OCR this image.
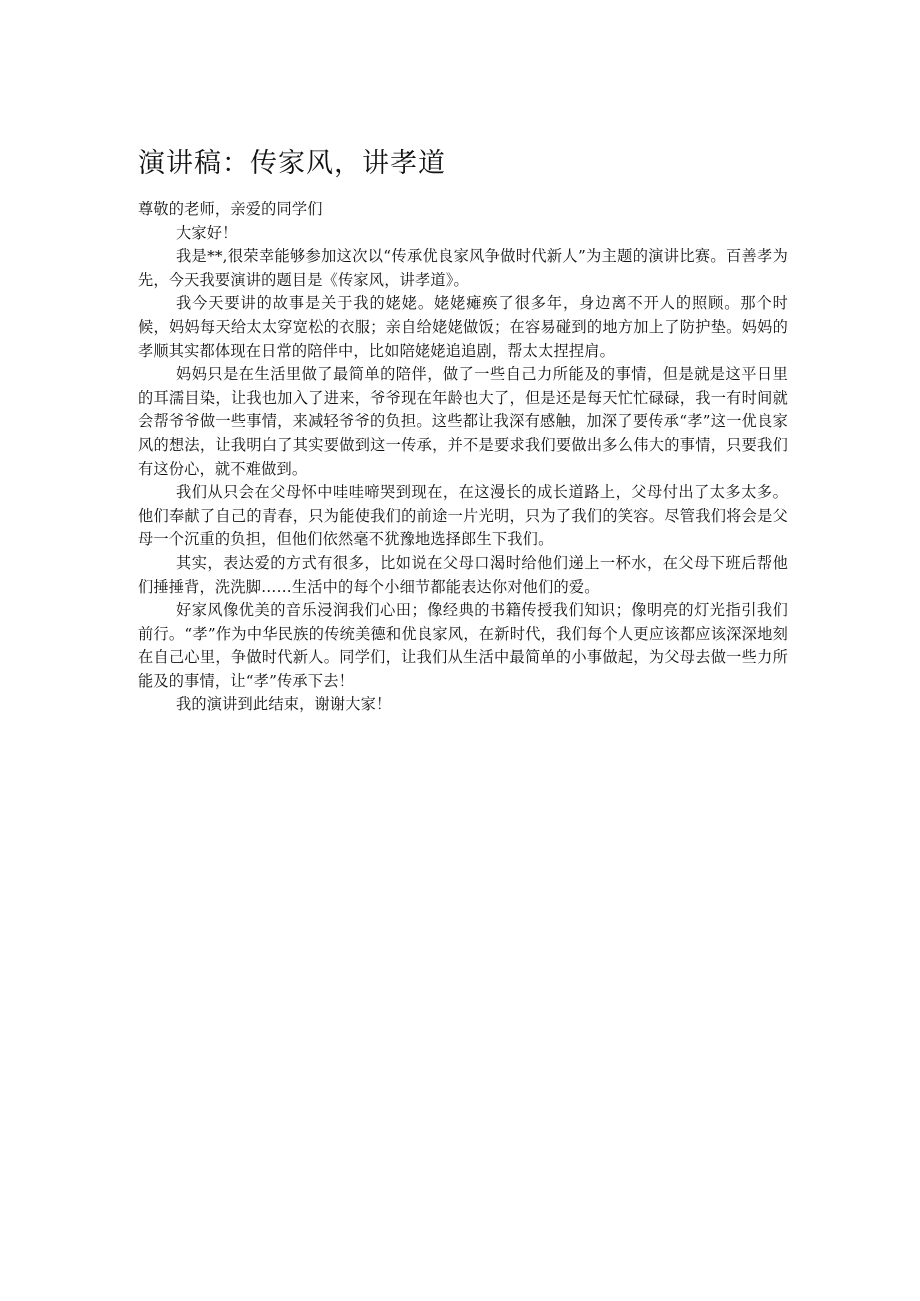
演讲稿：传家风，讲孝道

尊敬的老师，亲爱的同学们

大家好！

我是**,很荣幸能够参加这次以“传承优良家风争做时代新人”为主题的演讲比赛。百善孝为先，今天我要演讲的题目是《传家风，讲孝道》。

我今天要讲的故事是关于我的姥姥。姥姥瘫痪了很多年，身边离不开人的照顾。那个时候，妈妈每天给太太穿宽松的衣服；亲自给姥姥做饭；在容易碰到的地方加上了防护垫。妈妈的孝顺其实都体现在日常的陪伴中，比如陪姥姥追追剧，帮太太捏捏肩。

妈妈只是在生活里做了最简单的陪伴，做了一些自己力所能及的事情，但是就是这平日里的耳濡目染，让我也加入了进来，爷爷现在年龄也大了，但是还是每天忙忙碌碌，我一有时间就会帮爷爷做一些事情，来减轻爷爷的负担。这些都让我深有感触，加深了要传承“孝”这一优良家风的想法，让我明白了其实要做到这一传承，并不是要求我们要做出多么伟大的事情，只要我们有这份心，就不难做到。

我们从只会在父母怀中哇哇啼哭到现在，在这漫长的成长道路上，父母付出了太多太多。他们奉献了自己的青春，只为能使我们的前途一片光明，只为了我们的笑容。尽管我们将会是父母一个沉重的负担，但他们依然毫不犹豫地选择郎生下我们。

其实，表达爱的方式有很多，比如说在父母口渴时给他们递上一杯水，在父母下班后帮他们捶捶背，洗洗脚……生活中的每个小细节都能表达你对他们的爱。

好家风像优美的音乐浸润我们心田；像经典的书籍传授我们知识；像明亮的灯光指引我们前行。“孝”作为中华民族的传统美德和优良家风，在新时代，我们每个人更应该都应该深深地刻在自己心里，争做时代新人。同学们，让我们从生活中最简单的小事做起，为父母去做一些力所能及的事情，让“孝”传承下去！

我的演讲到此结束，谢谢大家！
